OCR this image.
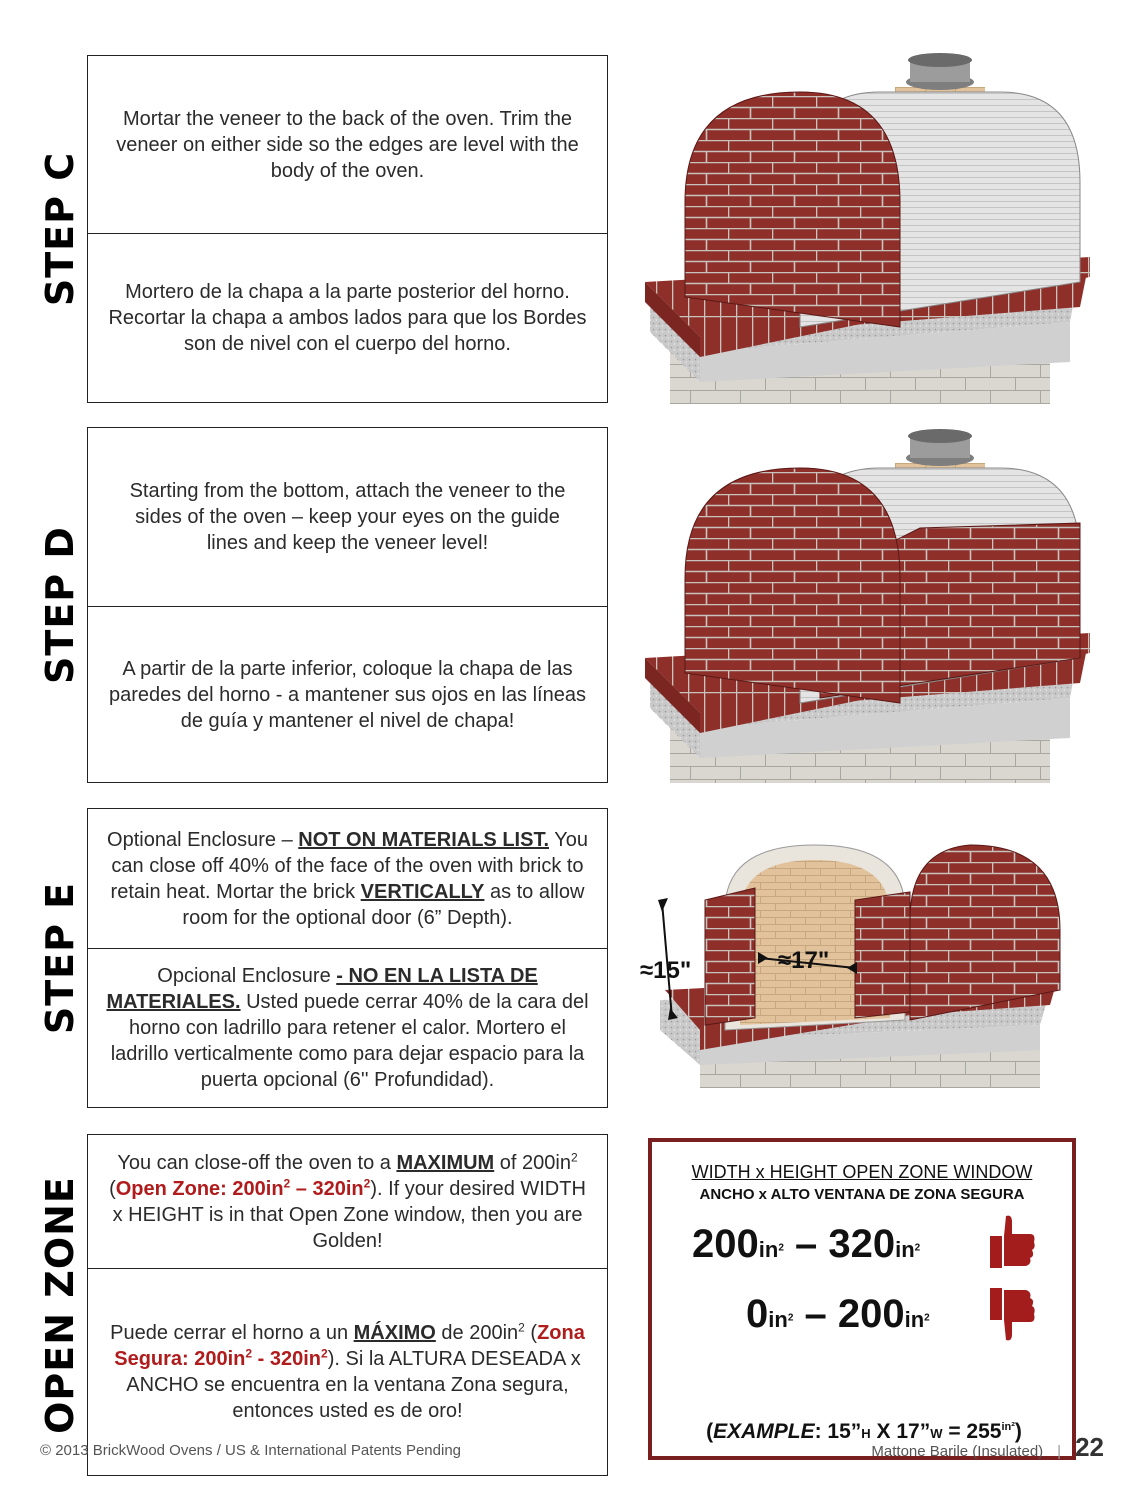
STEP C

Mortar the veneer to the back of the oven. Trim the veneer on either side so the edges are level with the body of the oven.

Mortero de la chapa a la parte posterior del horno. Recortar la chapa a ambos lados para que los Bordes son de nivel con el cuerpo del horno.

STEP D

Starting from the bottom, attach the veneer to the sides of the oven – keep your eyes on the guide lines and keep the veneer level!

A partir de la parte inferior, coloque la chapa de las paredes del horno - a mantener sus ojos en las líneas de guía y mantener el nivel de chapa!

STEP E

Optional Enclosure – NOT ON MATERIALS LIST. You can close off 40% of the face of the oven with brick to retain heat. Mortar the brick VERTICALLY as to allow room for the optional door (6” Depth).

Opcional Enclosure - NO EN LA LISTA DE MATERIALES. Usted puede cerrar 40% de la cara del horno con ladrillo para retener el calor. Mortero el ladrillo verticalmente como para dejar espacio para la puerta opcional (6'' Profundidad).

OPEN ZONE

You can close-off the oven to a MAXIMUM of $200in^2$ (Open Zone: $200in^2 - 320in^2$). If your desired WIDTH x HEIGHT is in that Open Zone window, then you are Golden!

Puede cerrar el horno a un MÁXIMO de $200in^2$ (Zona Segura: $200in^2 - 320in^2$). Si la ALTURA DESEADA x ANCHO se encuentra en la ventana Zona segura, entonces usted es de oro!

≈15"	≈17"
WIDTH x HEIGHT OPEN ZONE WINDOW
ANCHO x ALTO VENTANA DE ZONA SEGURA
$200in^2 - 320in^2$
$0in^2 - 200in^2$
(EXAMPLE: 15”H X 17”W = $255^{in^2}$)
© 2013 BrickWood Ovens / US & International Patents Pending	Mattone Barile (Insulated) | 22
